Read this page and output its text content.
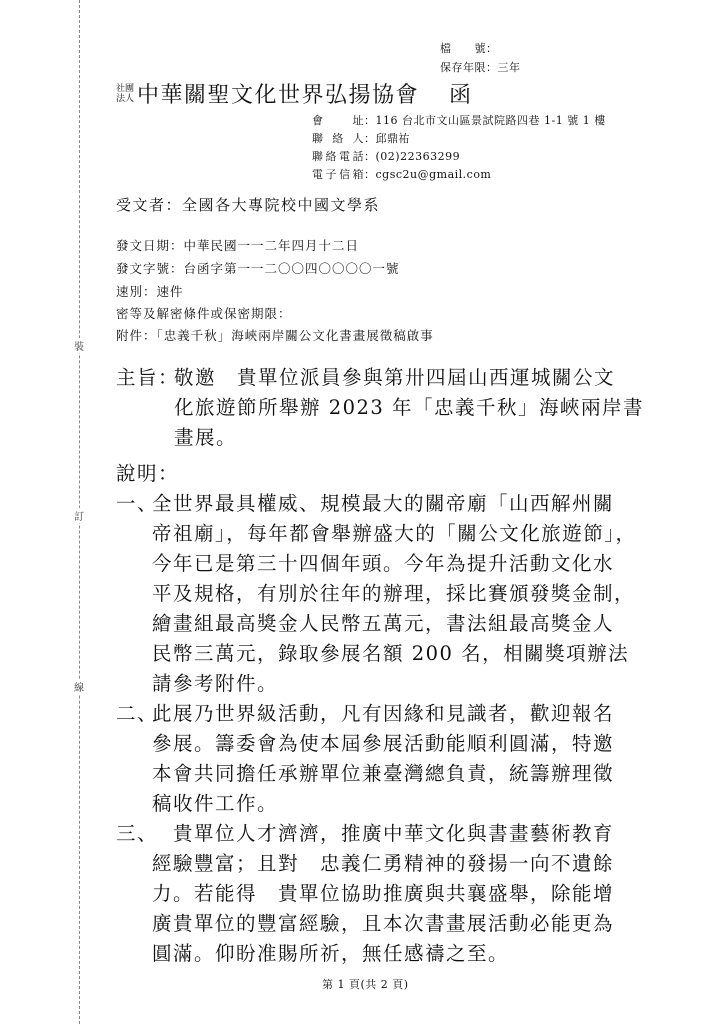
裝
訂
線
檔　　號：
保存年限：三年
社團
法人 中華關聖文化世界弘揚協會 函
會　址：116 台北市文山區景試院路四巷 1-1 號 1 樓
聯 絡 人：邱鼎祐
聯絡電話：(02)22363299
電子信箱：cgsc2u@gmail.com
受文者：全國各大專院校中國文學系
發文日期：中華民國一一二年四月十二日
發文字號：台函字第一一二〇〇四〇〇〇〇一號
速別：速件
密等及解密條件或保密期限：
附件：「忠義千秋」海峽兩岸關公文化書畫展徵稿啟事
主旨：
敬邀　貴單位派員參與第卅四屆山西運城關公文
化旅遊節所舉辦 2023 年「忠義千秋」海峽兩岸書
畫展。
說明：
一、
全世界最具權威、規模最大的關帝廟「山西解州關
帝祖廟」，每年都會舉辦盛大的「關公文化旅遊節」，
今年已是第三十四個年頭。今年為提升活動文化水
平及規格，有別於往年的辦理，採比賽頒發獎金制，
繪畫組最高獎金人民幣五萬元，書法組最高獎金人
民幣三萬元，錄取參展名額 200 名，相關獎項辦法
請參考附件。
二、
此展乃世界級活動，凡有因緣和見識者，歡迎報名
參展。籌委會為使本屆參展活動能順利圓滿，特邀
本會共同擔任承辦單位兼臺灣總負責，統籌辦理徵
稿收件工作。
三、
　貴單位人才濟濟，推廣中華文化與書畫藝術教育
經驗豐富；且對　忠義仁勇精神的發揚一向不遺餘
力。若能得　貴單位協助推廣與共襄盛舉，除能增
廣貴單位的豐富經驗，且本次書畫展活動必能更為
圓滿。仰盼准賜所祈，無任感禱之至。
第 1 頁(共 2 頁)
